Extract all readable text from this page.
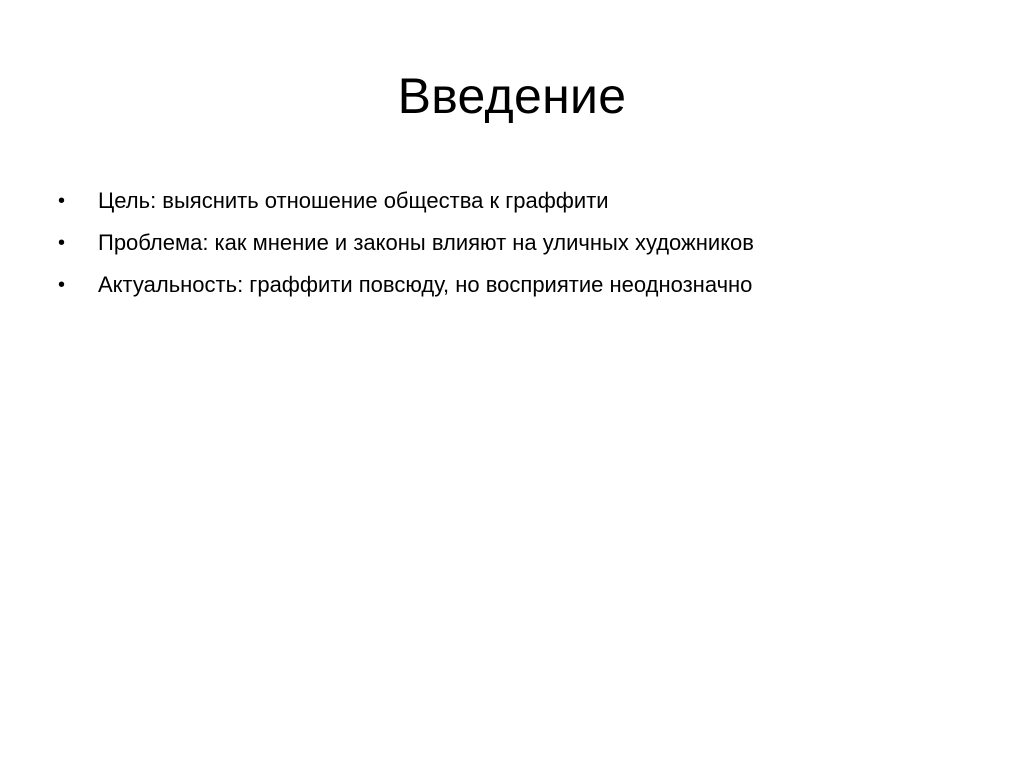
Введение
•	Цель: выяснить отношение общества к граффити
•	Проблема: как мнение и законы влияют на уличных художников
•	Актуальность: граффити повсюду, но восприятие неоднозначно
